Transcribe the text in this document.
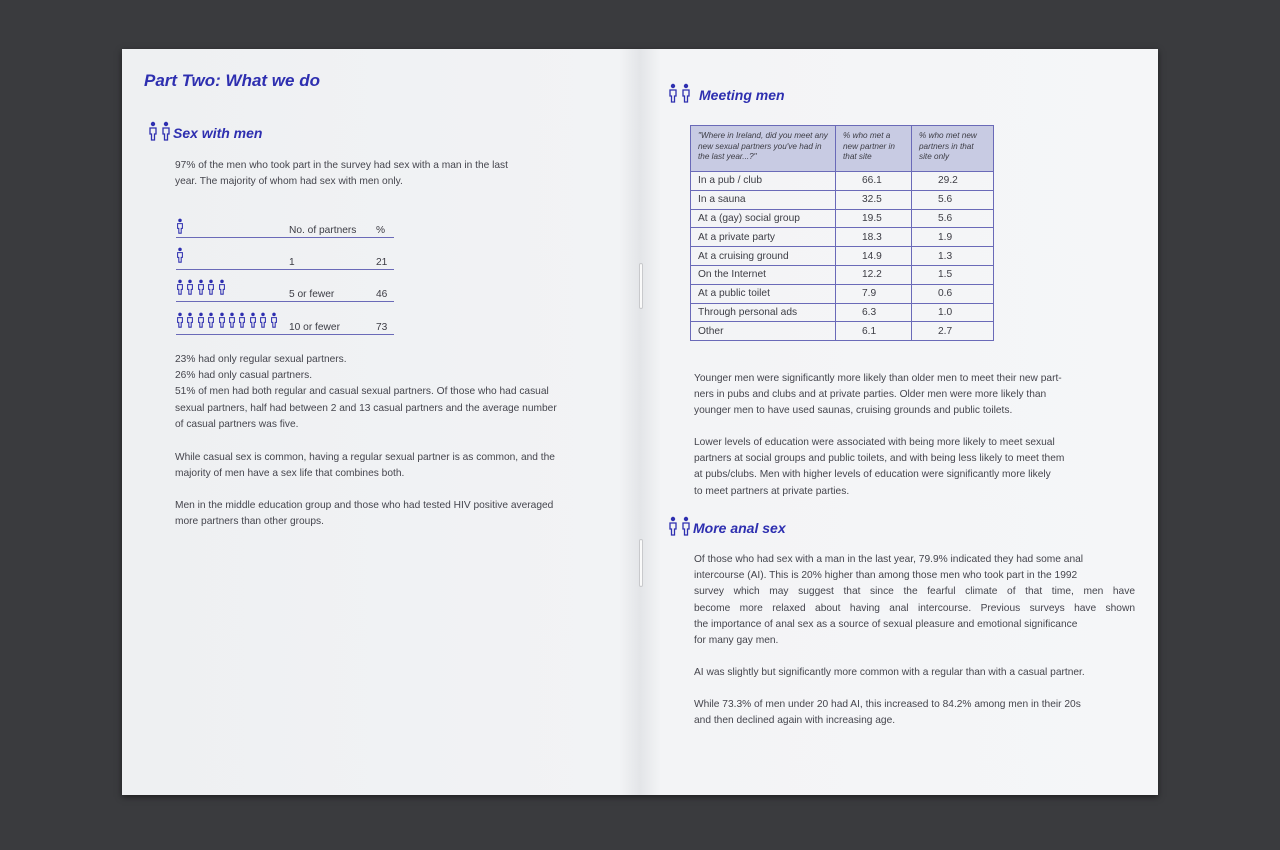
Part Two: What we do
Sex with men
97% of the men who took part in the survey had sex with a man in the last
year. The majority of whom had sex with men only.
No. of partners %
1	21
5 or fewer	46
10 or fewer	73
23% had only regular sexual partners.
26% had only casual partners.
51% of men had both regular and casual sexual partners. Of those who had casual
sexual partners, half had between 2 and 13 casual partners and the average number
of casual partners was five.
While casual sex is common, having a regular sexual partner is as common, and the
majority of men have a sex life that combines both.
Men in the middle education group and those who had tested HIV positive averaged
more partners than other groups.
Meeting men
"Where in Ireland, did you meet any new sexual partners you've had in the last year...?"	% who met a new partner in that site	% who met new partners in that site only
In a pub / club	66.1	29.2
In a sauna	32.5	5.6
At a (gay) social group	19.5	5.6
At a private party	18.3	1.9
At a cruising ground	14.9	1.3
On the Internet	12.2	1.5
At a public toilet	7.9	0.6
Through personal ads	6.3	1.0
Other	6.1	2.7
Younger men were significantly more likely than older men to meet their new part-
ners in pubs and clubs and at private parties. Older men were more likely than
younger men to have used saunas, cruising grounds and public toilets.
Lower levels of education were associated with being more likely to meet sexual
partners at social groups and public toilets, and with being less likely to meet them
at pubs/clubs. Men with higher levels of education were significantly more likely
to meet partners at private parties.
More anal sex
Of those who had sex with a man in the last year, 79.9% indicated they had some anal
intercourse (AI). This is 20% higher than among those men who took part in the 1992
survey which may suggest that since the fearful climate of that time, men have
become more relaxed about having anal intercourse. Previous surveys have shown
the importance of anal sex as a source of sexual pleasure and emotional significance
for many gay men.
AI was slightly but significantly more common with a regular than with a casual partner.
While 73.3% of men under 20 had AI, this increased to 84.2% among men in their 20s
and then declined again with increasing age.
